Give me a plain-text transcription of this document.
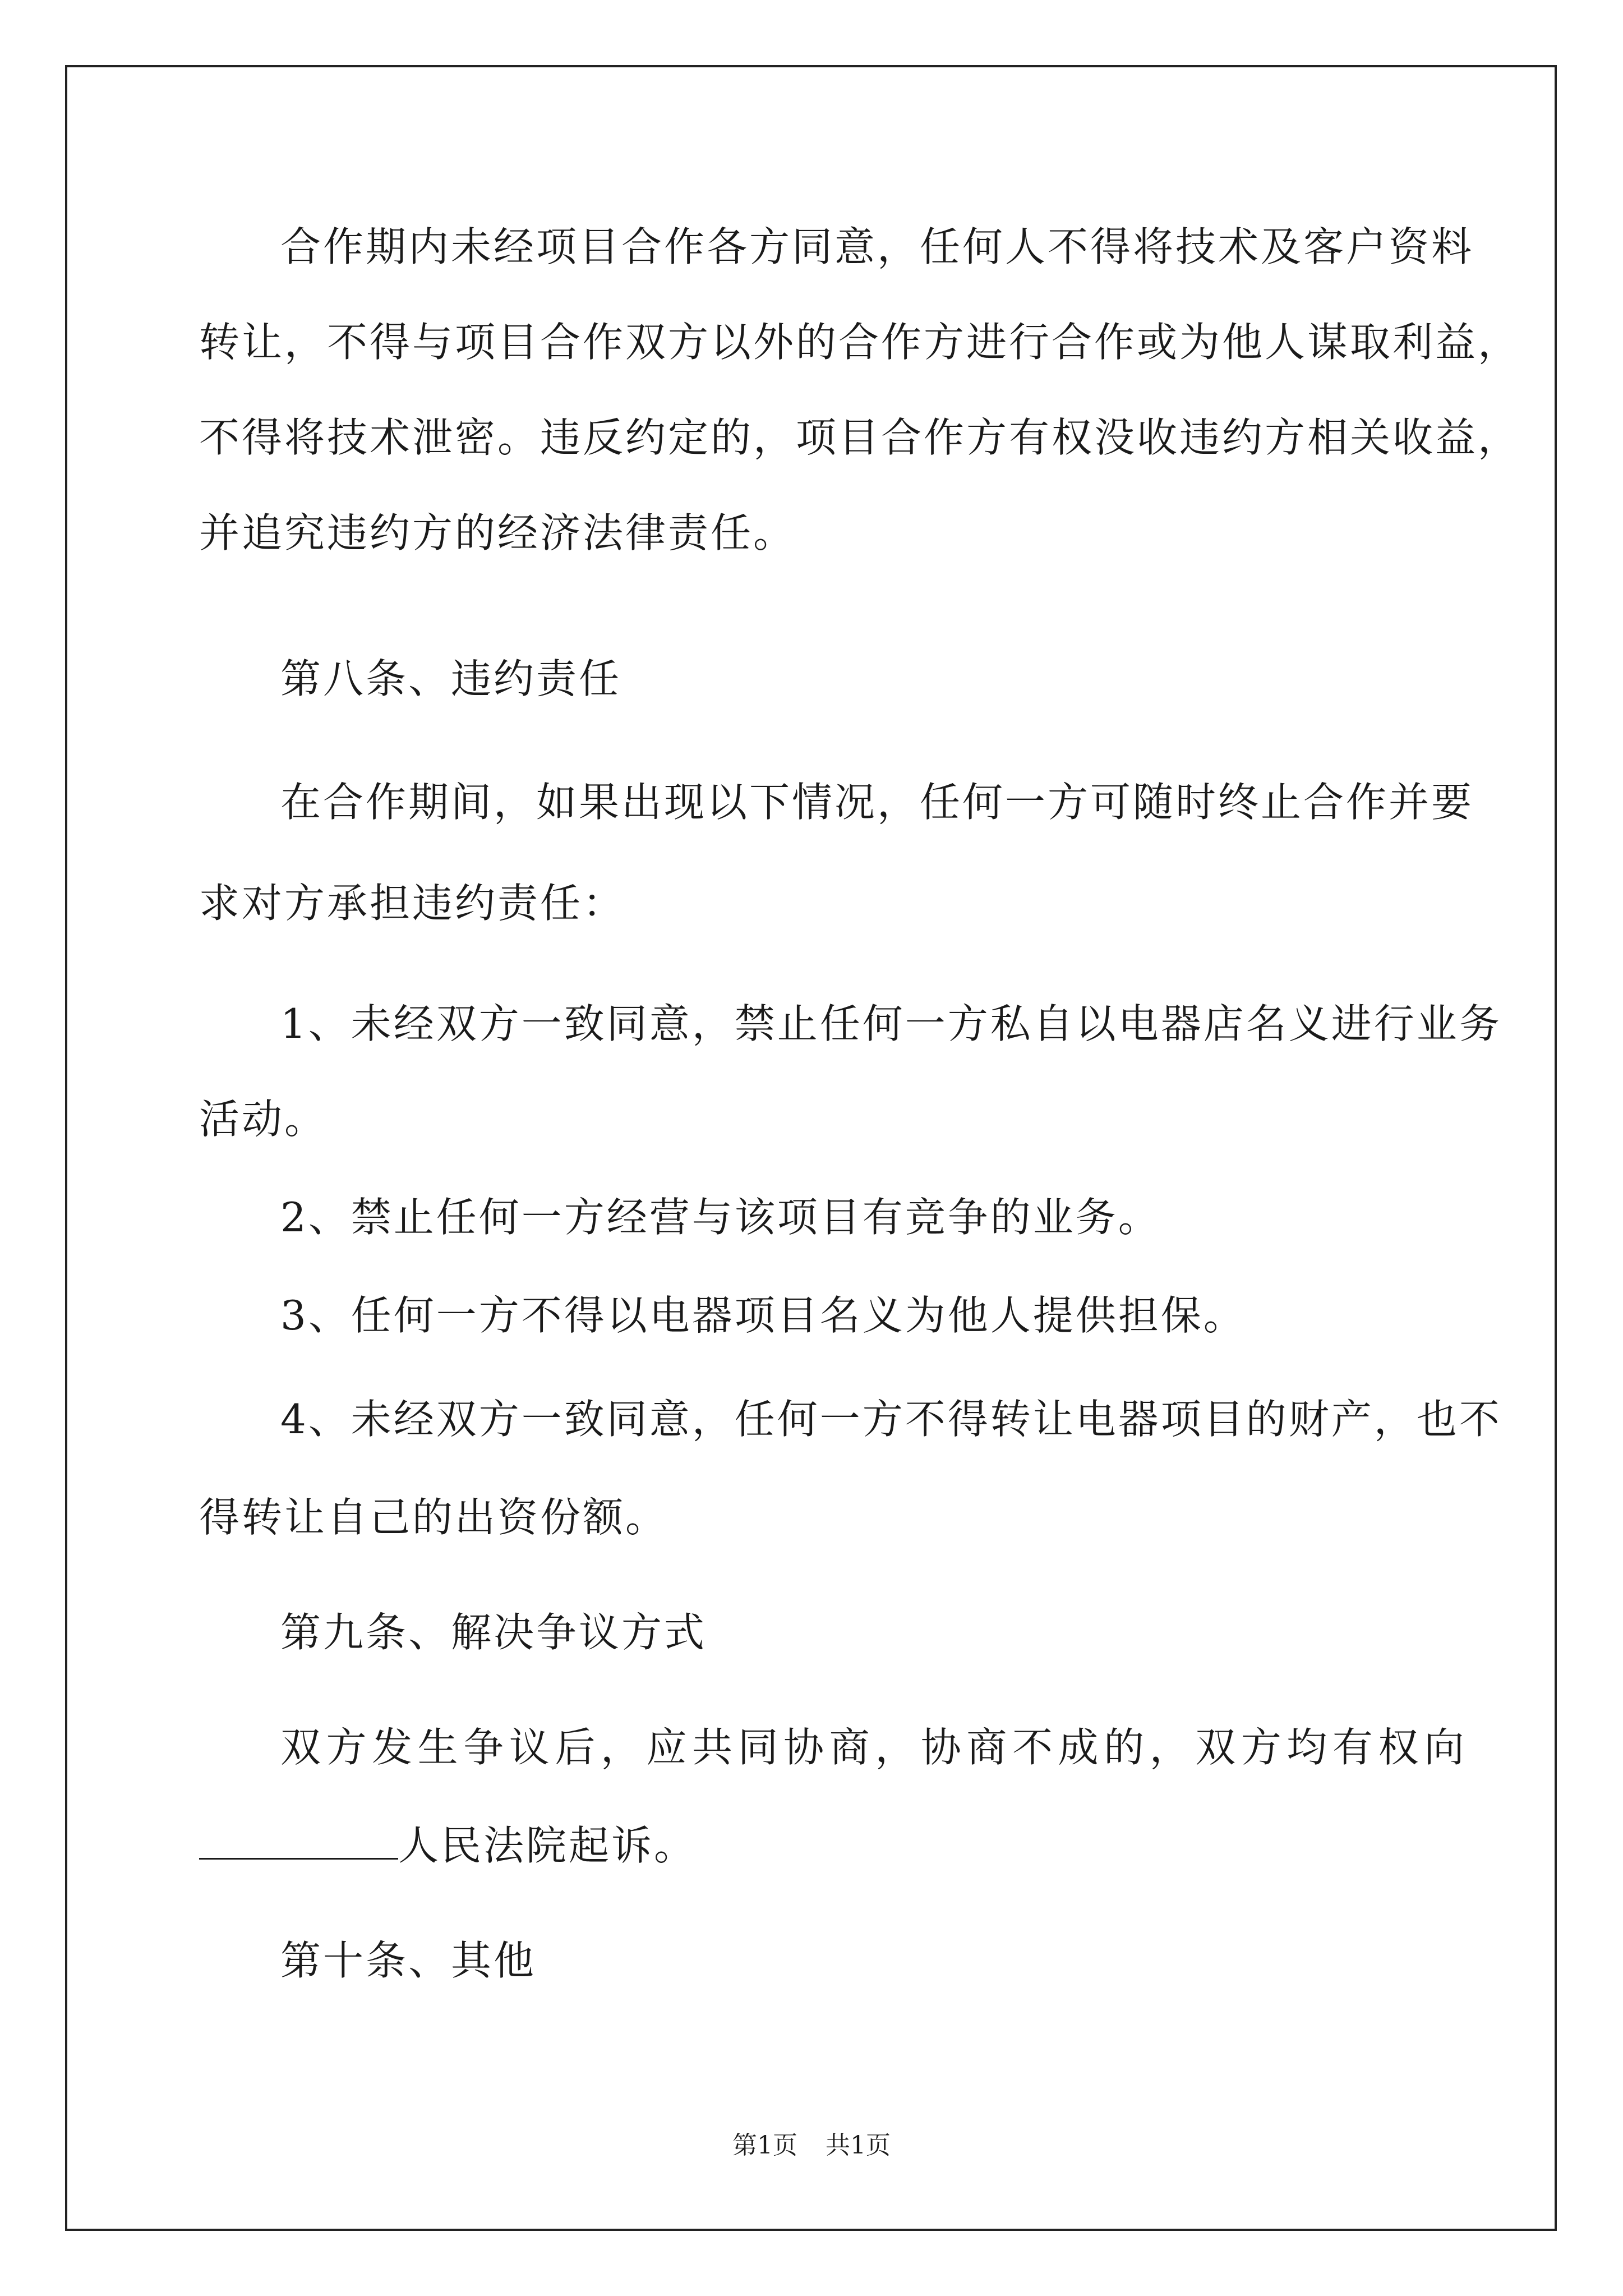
合作期内未经项目合作各方同意，任何人不得将技术及客户资料
转让，不得与项目合作双方以外的合作方进行合作或为他人谋取利益，
不得将技术泄密。违反约定的，项目合作方有权没收违约方相关收益，
并追究违约方的经济法律责任。
第八条、违约责任
在合作期间，如果出现以下情况，任何一方可随时终止合作并要
求对方承担违约责任：
1、未经双方一致同意，禁止任何一方私自以电器店名义进行业务
活动。
2、禁止任何一方经营与该项目有竞争的业务。
3、任何一方不得以电器项目名义为他人提供担保。
4、未经双方一致同意，任何一方不得转让电器项目的财产，也不
得转让自己的出资份额。
第九条、解决争议方式
双方发生争议后，应共同协商，协商不成的，双方均有权向
人民法院起诉。
第十条、其他
第1页 共1页
